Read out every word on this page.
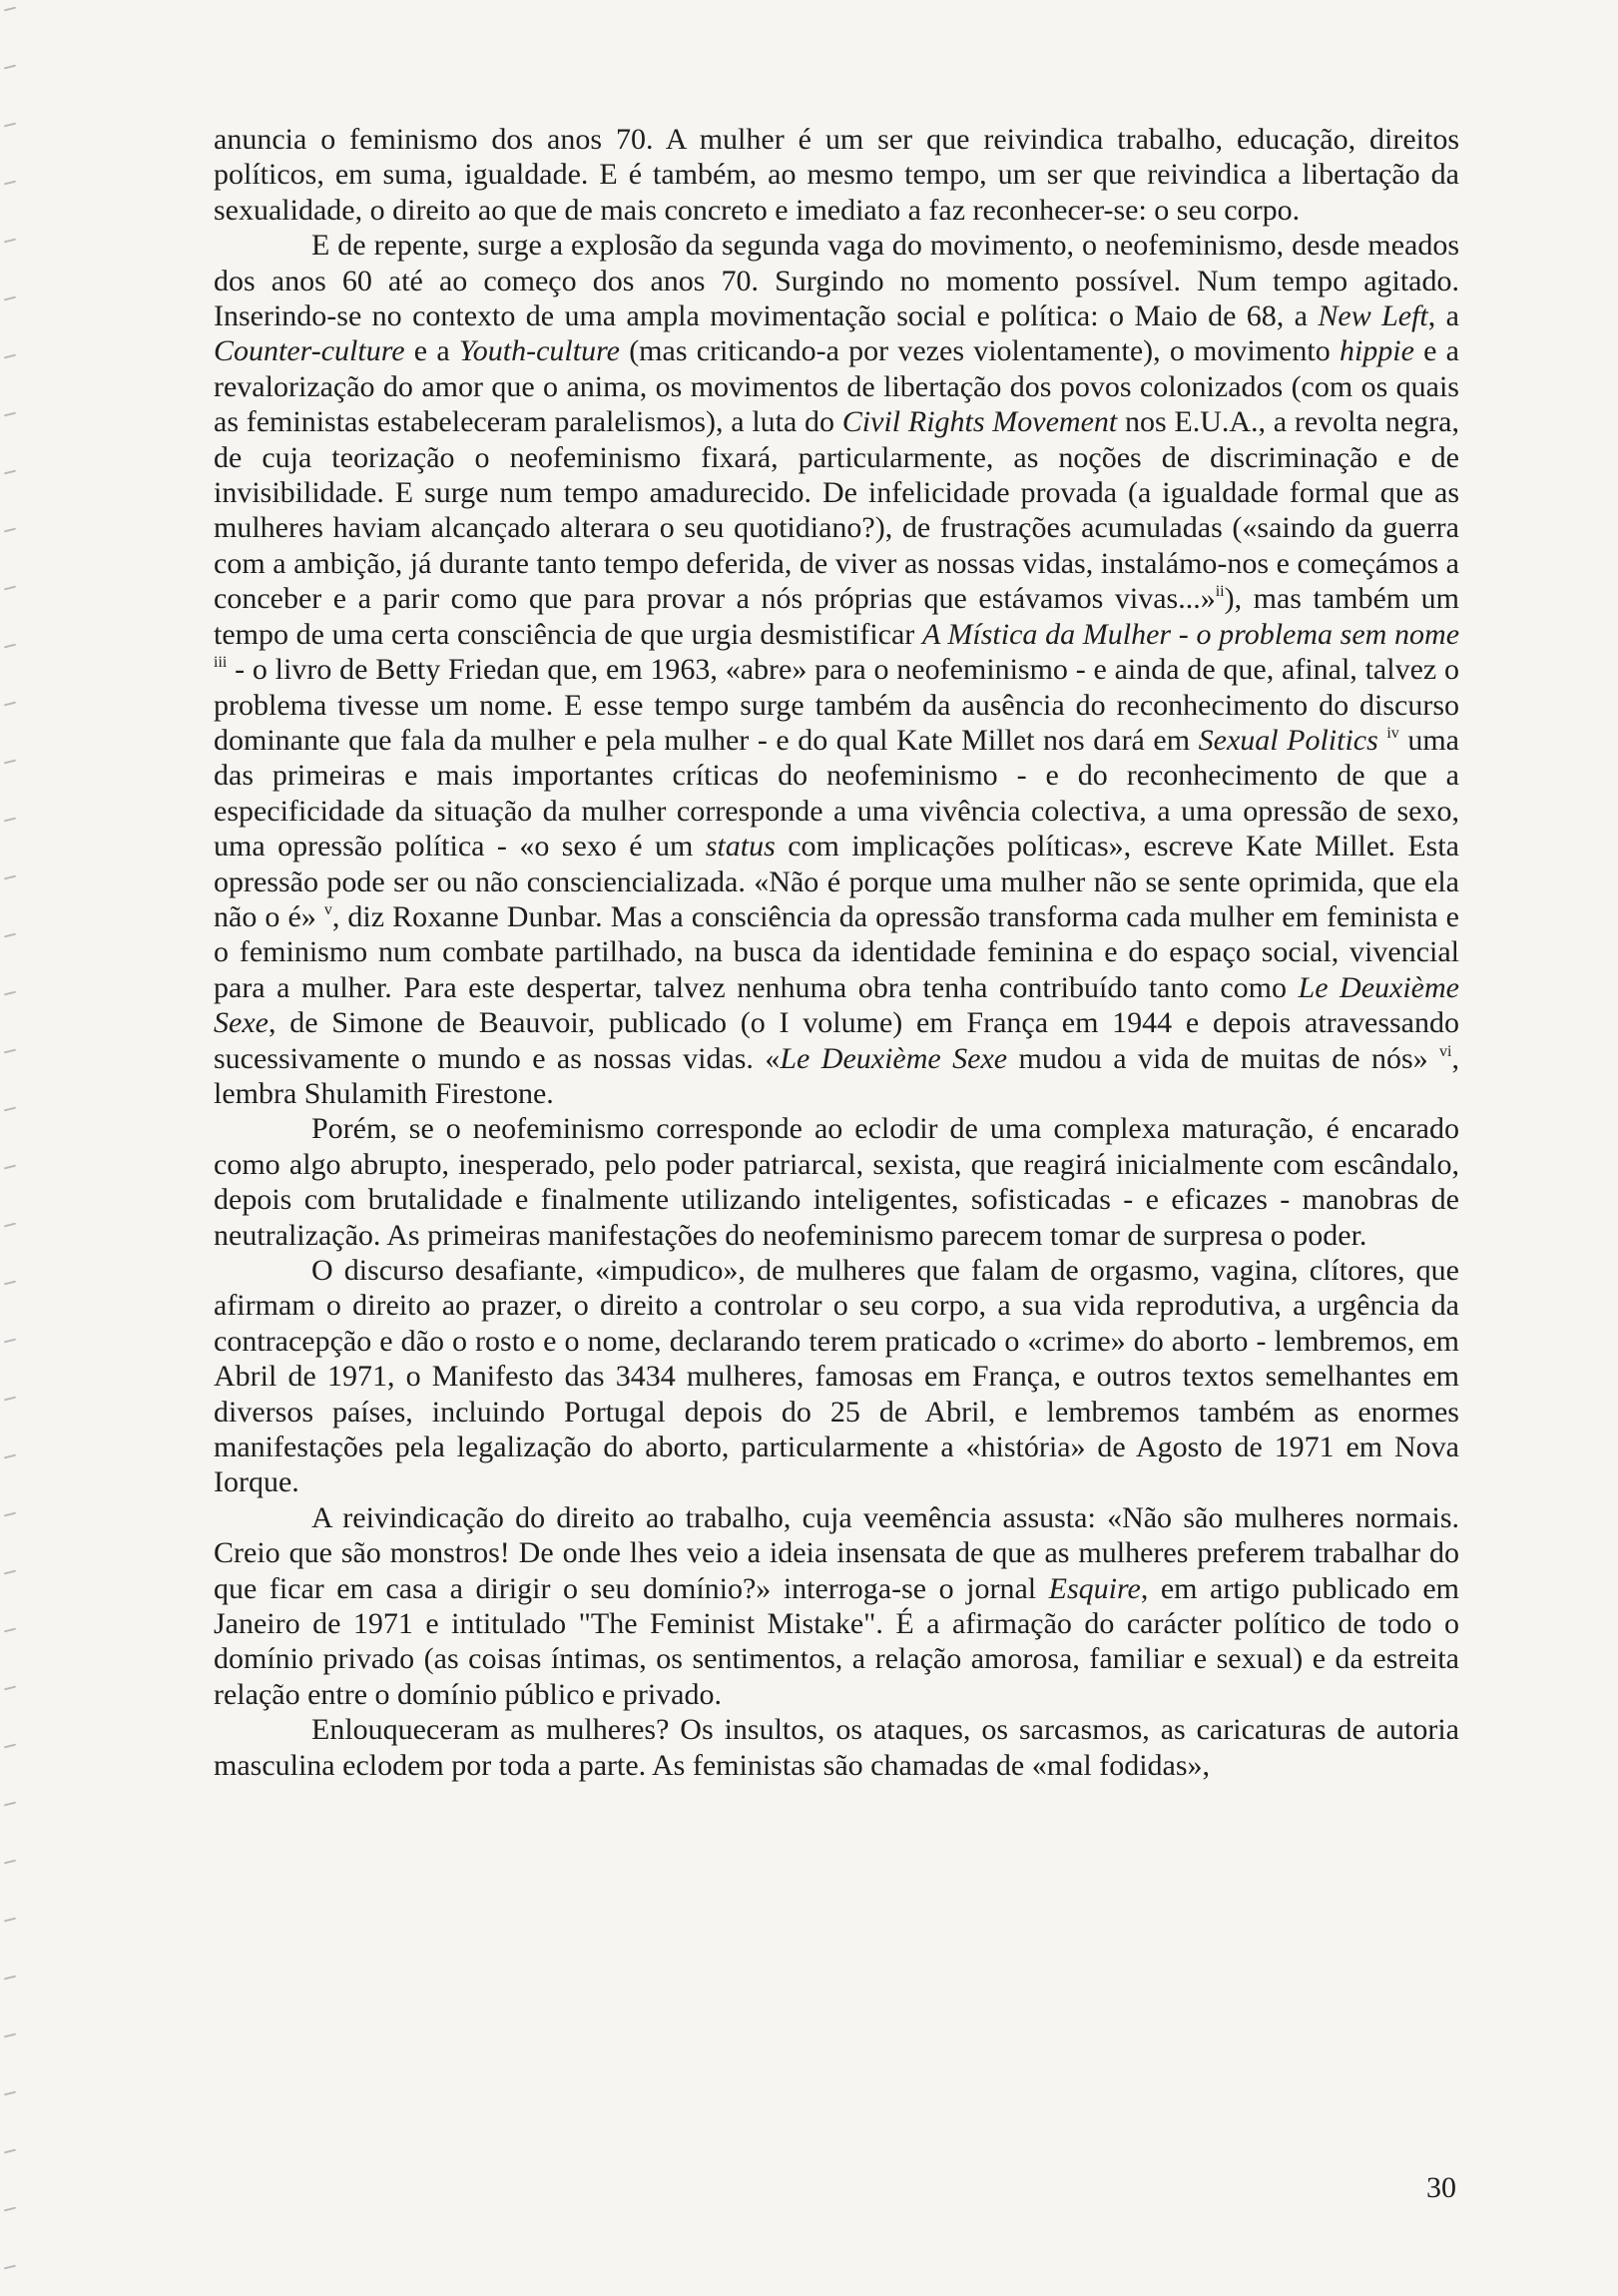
anuncia o feminismo dos anos 70. A mulher é um ser que reivindica trabalho, educação, direitos políticos, em suma, igualdade. E é também, ao mesmo tempo, um ser que reivindica a libertação da sexualidade, o direito ao que de mais concreto e imediato a faz reconhecer-se: o seu corpo.

E de repente, surge a explosão da segunda vaga do movimento, o neofeminismo, desde meados dos anos 60 até ao começo dos anos 70. Surgindo no momento possível. Num tempo agitado. Inserindo-se no contexto de uma ampla movimentação social e política: o Maio de 68, a New Left, a Counter-culture e a Youth-culture (mas criticando-a por vezes violentamente), o movimento hippie e a revalorização do amor que o anima, os movimentos de libertação dos povos colonizados (com os quais as feministas estabeleceram paralelismos), a luta do Civil Rights Movement nos E.U.A., a revolta negra, de cuja teorização o neofeminismo fixará, particularmente, as noções de discriminação e de invisibilidade. E surge num tempo amadurecido. De infelicidade provada (a igualdade formal que as mulheres haviam alcançado alterara o seu quotidiano?), de frustrações acumuladas («saindo da guerra com a ambição, já durante tanto tempo deferida, de viver as nossas vidas, instalámo-nos e começámos a conceber e a parir como que para provar a nós próprias que estávamos vivas...»$^{ii}$), mas também um tempo de uma certa consciência de que urgia desmistificar A Mística da Mulher - o problema sem nome $^{iii}$ - o livro de Betty Friedan que, em 1963, «abre» para o neofeminismo - e ainda de que, afinal, talvez o problema tivesse um nome. E esse tempo surge também da ausência do reconhecimento do discurso dominante que fala da mulher e pela mulher - e do qual Kate Millet nos dará em Sexual Politics $^{iv}$ uma das primeiras e mais importantes críticas do neofeminismo - e do reconhecimento de que a especificidade da situação da mulher corresponde a uma vivência colectiva, a uma opressão de sexo, uma opressão política - «o sexo é um status com implicações políticas», escreve Kate Millet. Esta opressão pode ser ou não consciencializada. «Não é porque uma mulher não se sente oprimida, que ela não o é» $^v$, diz Roxanne Dunbar. Mas a consciência da opressão transforma cada mulher em feminista e o feminismo num combate partilhado, na busca da identidade feminina e do espaço social, vivencial para a mulher. Para este despertar, talvez nenhuma obra tenha contribuído tanto como Le Deuxième Sexe, de Simone de Beauvoir, publicado (o I volume) em França em 1944 e depois atravessando sucessivamente o mundo e as nossas vidas. «Le Deuxième Sexe mudou a vida de muitas de nós» $^{vi}$, lembra Shulamith Firestone.

Porém, se o neofeminismo corresponde ao eclodir de uma complexa maturação, é encarado como algo abrupto, inesperado, pelo poder patriarcal, sexista, que reagirá inicialmente com escândalo, depois com brutalidade e finalmente utilizando inteligentes, sofisticadas - e eficazes - manobras de neutralização. As primeiras manifestações do neofeminismo parecem tomar de surpresa o poder.

O discurso desafiante, «impudico», de mulheres que falam de orgasmo, vagina, clítores, que afirmam o direito ao prazer, o direito a controlar o seu corpo, a sua vida reprodutiva, a urgência da contracepção e dão o rosto e o nome, declarando terem praticado o «crime» do aborto - lembremos, em Abril de 1971, o Manifesto das 3434 mulheres, famosas em França, e outros textos semelhantes em diversos países, incluindo Portugal depois do 25 de Abril, e lembremos também as enormes manifestações pela legalização do aborto, particularmente a «história» de Agosto de 1971 em Nova Iorque.

A reivindicação do direito ao trabalho, cuja veemência assusta: «Não são mulheres normais. Creio que são monstros! De onde lhes veio a ideia insensata de que as mulheres preferem trabalhar do que ficar em casa a dirigir o seu domínio?» interroga-se o jornal Esquire, em artigo publicado em Janeiro de 1971 e intitulado "The Feminist Mistake". É a afirmação do carácter político de todo o domínio privado (as coisas íntimas, os sentimentos, a relação amorosa, familiar e sexual) e da estreita relação entre o domínio público e privado.

Enlouqueceram as mulheres? Os insultos, os ataques, os sarcasmos, as caricaturas de autoria masculina eclodem por toda a parte. As feministas são chamadas de «mal fodidas»,

30
